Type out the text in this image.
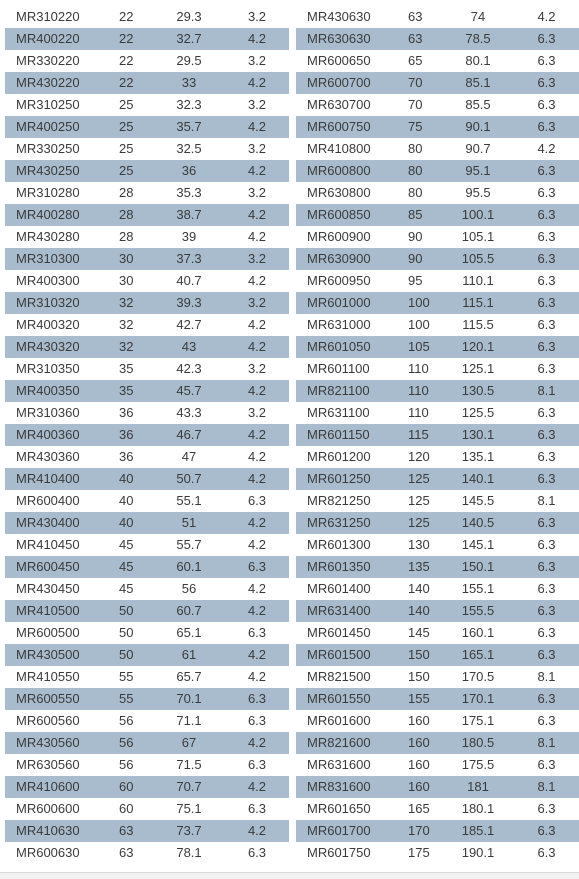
MR310220	22	29.3	3.2
MR400220	22	32.7	4.2
MR330220	22	29.5	3.2
MR430220	22	33	4.2
MR310250	25	32.3	3.2
MR400250	25	35.7	4.2
MR330250	25	32.5	3.2
MR430250	25	36	4.2
MR310280	28	35.3	3.2
MR400280	28	38.7	4.2
MR430280	28	39	4.2
MR310300	30	37.3	3.2
MR400300	30	40.7	4.2
MR310320	32	39.3	3.2
MR400320	32	42.7	4.2
MR430320	32	43	4.2
MR310350	35	42.3	3.2
MR400350	35	45.7	4.2
MR310360	36	43.3	3.2
MR400360	36	46.7	4.2
MR430360	36	47	4.2
MR410400	40	50.7	4.2
MR600400	40	55.1	6.3
MR430400	40	51	4.2
MR410450	45	55.7	4.2
MR600450	45	60.1	6.3
MR430450	45	56	4.2
MR410500	50	60.7	4.2
MR600500	50	65.1	6.3
MR430500	50	61	4.2
MR410550	55	65.7	4.2
MR600550	55	70.1	6.3
MR600560	56	71.1	6.3
MR430560	56	67	4.2
MR630560	56	71.5	6.3
MR410600	60	70.7	4.2
MR600600	60	75.1	6.3
MR410630	63	73.7	4.2
MR600630	63	78.1	6.3
MR430630	63	74	4.2
MR630630	63	78.5	6.3
MR600650	65	80.1	6.3
MR600700	70	85.1	6.3
MR630700	70	85.5	6.3
MR600750	75	90.1	6.3
MR410800	80	90.7	4.2
MR600800	80	95.1	6.3
MR630800	80	95.5	6.3
MR600850	85	100.1	6.3
MR600900	90	105.1	6.3
MR630900	90	105.5	6.3
MR600950	95	110.1	6.3
MR601000	100	115.1	6.3
MR631000	100	115.5	6.3
MR601050	105	120.1	6.3
MR601100	110	125.1	6.3
MR821100	110	130.5	8.1
MR631100	110	125.5	6.3
MR601150	115	130.1	6.3
MR601200	120	135.1	6.3
MR601250	125	140.1	6.3
MR821250	125	145.5	8.1
MR631250	125	140.5	6.3
MR601300	130	145.1	6.3
MR601350	135	150.1	6.3
MR601400	140	155.1	6.3
MR631400	140	155.5	6.3
MR601450	145	160.1	6.3
MR601500	150	165.1	6.3
MR821500	150	170.5	8.1
MR601550	155	170.1	6.3
MR601600	160	175.1	6.3
MR821600	160	180.5	8.1
MR631600	160	175.5	6.3
MR831600	160	181	8.1
MR601650	165	180.1	6.3
MR601700	170	185.1	6.3
MR601750	175	190.1	6.3
